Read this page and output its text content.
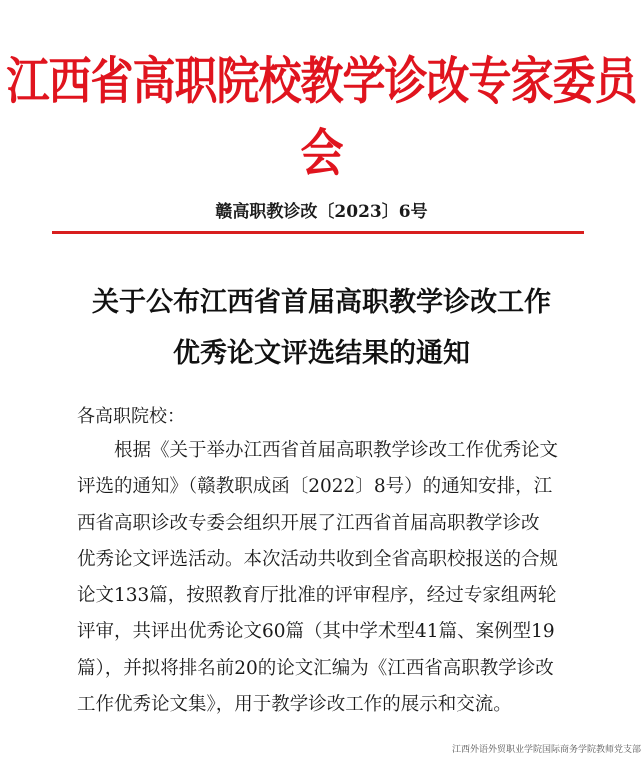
江西省高职院校教学诊改专家委员会
赣高职教诊改〔2023〕6号
关于公布江西省首届高职教学诊改工作
优秀论文评选结果的通知
各高职院校：
根据《关于举办江西省首届高职教学诊改工作优秀论文
评选的通知》（赣教职成函〔2022〕8号）的通知安排，江
西省高职诊改专委会组织开展了江西省首届高职教学诊改
优秀论文评选活动。本次活动共收到全省高职校报送的合规
论文133篇，按照教育厅批准的评审程序，经过专家组两轮
评审，共评出优秀论文60篇（其中学术型41篇、案例型19
篇），并拟将排名前20的论文汇编为《江西省高职教学诊改
工作优秀论文集》，用于教学诊改工作的展示和交流。
江西外语外贸职业学院国际商务学院教师党支部
